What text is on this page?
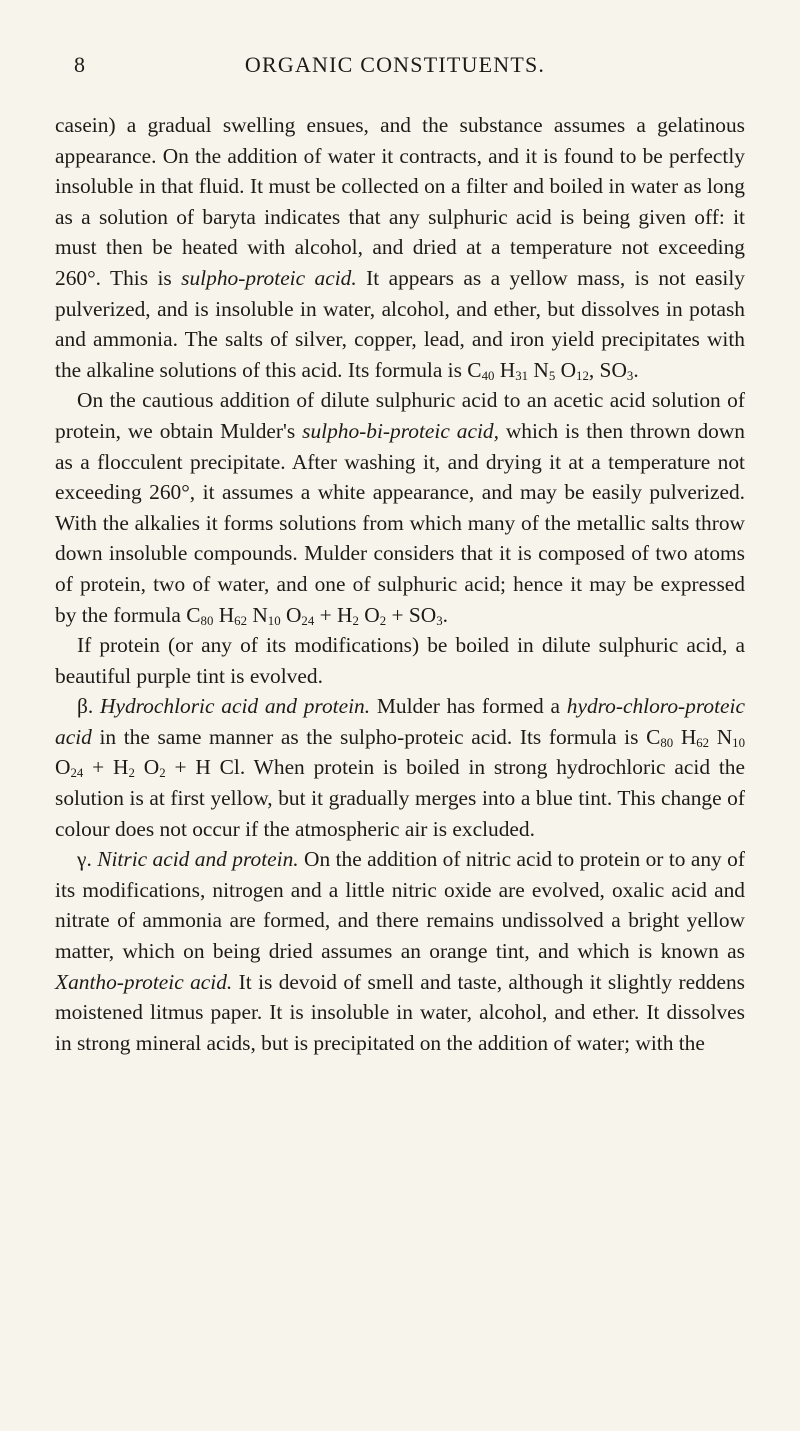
8	ORGANIC CONSTITUENTS.

casein) a gradual swelling ensues, and the substance assumes a gelatinous appearance. On the addition of water it contracts, and it is found to be perfectly insoluble in that fluid. It must be collected on a filter and boiled in water as long as a solution of baryta indicates that any sulphuric acid is being given off: it must then be heated with alcohol, and dried at a temperature not exceeding 260°. This is sulpho-proteic acid. It appears as a yellow mass, is not easily pulverized, and is insoluble in water, alcohol, and ether, but dissolves in potash and ammonia. The salts of silver, copper, lead, and iron yield precipitates with the alkaline solutions of this acid. Its formula is $C_{40}$ $H_{31}$ $N_5$ $O_{12}$, $SO_3$.

On the cautious addition of dilute sulphuric acid to an acetic acid solution of protein, we obtain Mulder's sulpho-bi-proteic acid, which is then thrown down as a flocculent precipitate. After washing it, and drying it at a temperature not exceeding 260°, it assumes a white appearance, and may be easily pulverized. With the alkalies it forms solutions from which many of the metallic salts throw down insoluble compounds. Mulder considers that it is composed of two atoms of protein, two of water, and one of sulphuric acid; hence it may be expressed by the formula $C_{80}$ $H_{62}$ $N_{10}$ $O_{24} + H_2$ $O_2 + SO_3$.

If protein (or any of its modifications) be boiled in dilute sulphuric acid, a beautiful purple tint is evolved.

β. Hydrochloric acid and protein. Mulder has formed a hydro-chloro-proteic acid in the same manner as the sulpho-proteic acid. Its formula is $C_{80}$ $H_{62}$ $N_{10}$ $O_{24} + H_2$ $O_2 + H$ Cl. When protein is boiled in strong hydrochloric acid the solution is at first yellow, but it gradually merges into a blue tint. This change of colour does not occur if the atmospheric air is excluded.

γ. Nitric acid and protein. On the addition of nitric acid to protein or to any of its modifications, nitrogen and a little nitric oxide are evolved, oxalic acid and nitrate of ammonia are formed, and there remains undissolved a bright yellow matter, which on being dried assumes an orange tint, and which is known as Xantho-proteic acid. It is devoid of smell and taste, although it slightly reddens moistened litmus paper. It is insoluble in water, alcohol, and ether. It dissolves in strong mineral acids, but is precipitated on the addition of water; with the
